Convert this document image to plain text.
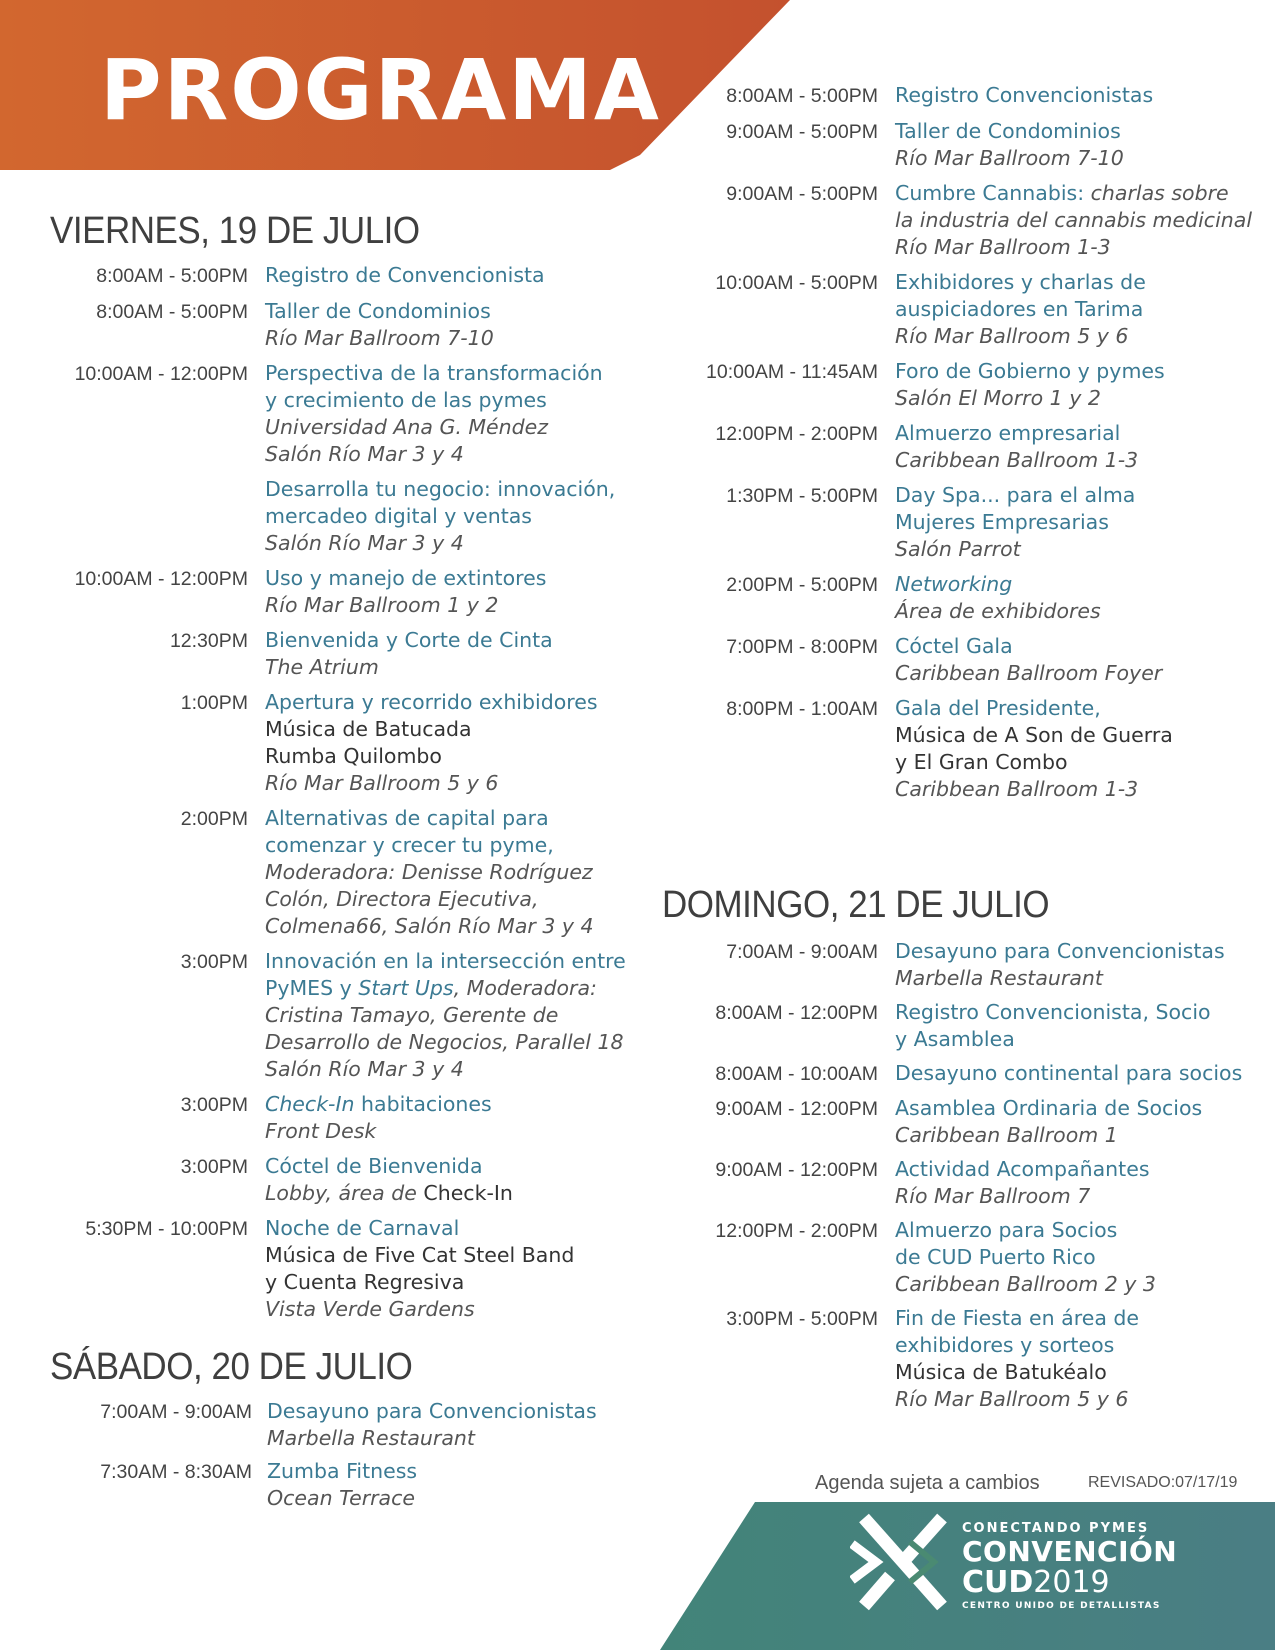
PROGRAMA
VIERNES, 19 DE JULIO
8:00AM - 5:00PM Registro de Convencionista
8:00AM - 5:00PM Taller de Condominios
Río Mar Ballroom 7-10
10:00AM - 12:00PM Perspectiva de la transformación
y crecimiento de las pymes
Universidad Ana G. Méndez
Salón Río Mar 3 y 4
Desarrolla tu negocio: innovación,
mercadeo digital y ventas
Salón Río Mar 3 y 4
10:00AM - 12:00PM Uso y manejo de extintores
Río Mar Ballroom 1 y 2
12:30PM Bienvenida y Corte de Cinta
The Atrium
1:00PM Apertura y recorrido exhibidores
Música de Batucada
Rumba Quilombo
Río Mar Ballroom 5 y 6
2:00PM Alternativas de capital para
comenzar y crecer tu pyme,
Moderadora: Denisse Rodríguez
Colón, Directora Ejecutiva,
Colmena66, Salón Río Mar 3 y 4
3:00PM Innovación en la intersección entre
PyMES y Start Ups, Moderadora:
Cristina Tamayo, Gerente de
Desarrollo de Negocios, Parallel 18
Salón Río Mar 3 y 4
3:00PM Check-In habitaciones
Front Desk
3:00PM Cóctel de Bienvenida
Lobby, área de Check-In
5:30PM - 10:00PM Noche de Carnaval
Música de Five Cat Steel Band
y Cuenta Regresiva
Vista Verde Gardens
SÁBADO, 20 DE JULIO
7:00AM - 9:00AM Desayuno para Convencionistas
Marbella Restaurant
7:30AM - 8:30AM Zumba Fitness
Ocean Terrace
8:00AM - 5:00PM Registro Convencionistas
9:00AM - 5:00PM Taller de Condominios
Río Mar Ballroom 7-10
9:00AM - 5:00PM Cumbre Cannabis: charlas sobre
la industria del cannabis medicinal
Río Mar Ballroom 1-3
10:00AM - 5:00PM Exhibidores y charlas de
auspiciadores en Tarima
Río Mar Ballroom 5 y 6
10:00AM - 11:45AM Foro de Gobierno y pymes
Salón El Morro 1 y 2
12:00PM - 2:00PM Almuerzo empresarial
Caribbean Ballroom 1-3
1:30PM - 5:00PM Day Spa... para el alma
Mujeres Empresarias
Salón Parrot
2:00PM - 5:00PM Networking
Área de exhibidores
7:00PM - 8:00PM Cóctel Gala
Caribbean Ballroom Foyer
8:00PM - 1:00AM Gala del Presidente,
Música de A Son de Guerra
y El Gran Combo
Caribbean Ballroom 1-3
DOMINGO, 21 DE JULIO
7:00AM - 9:00AM Desayuno para Convencionistas
Marbella Restaurant
8:00AM - 12:00PM Registro Convencionista, Socio
y Asamblea
8:00AM - 10:00AM Desayuno continental para socios
9:00AM - 12:00PM Asamblea Ordinaria de Socios
Caribbean Ballroom 1
9:00AM - 12:00PM Actividad Acompañantes
Río Mar Ballroom 7
12:00PM - 2:00PM Almuerzo para Socios
de CUD Puerto Rico
Caribbean Ballroom 2 y 3
3:00PM - 5:00PM Fin de Fiesta en área de
exhibidores y sorteos
Música de Batukéalo
Río Mar Ballroom 5 y 6
Agenda sujeta a cambios	REVISADO:07/17/19
CONECTANDO PYMES
CONVENCIÓN
CUD2019
CENTRO UNIDO DE DETALLISTAS
